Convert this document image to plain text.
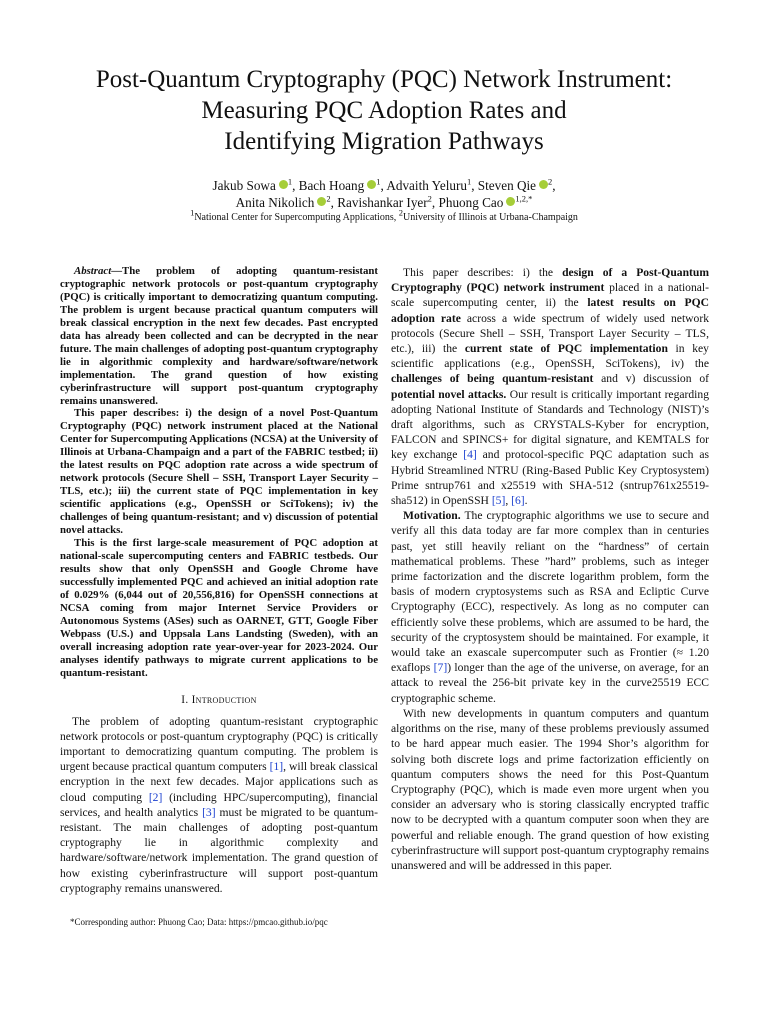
Post-Quantum Cryptography (PQC) Network Instrument:
Measuring PQC Adoption Rates and
Identifying Migration Pathways
Jakub Sowa $^1$, Bach Hoang $^1$, Advaith Yeluru$^1$, Steven Qie $^2$,
Anita Nikolich $^2$, Ravishankar Iyer$^2$, Phuong Cao $^{1,2,*}$
$^1$National Center for Supercomputing Applications, $^2$University of Illinois at Urbana-Champaign

Abstract—The problem of adopting quantum-resistant cryptographic network protocols or post-quantum cryptography (PQC) is critically important to democratizing quantum computing. The problem is urgent because practical quantum computers will break classical encryption in the next few decades. Past encrypted data has already been collected and can be decrypted in the near future. The main challenges of adopting post-quantum cryptography lie in algorithmic complexity and hardware/software/network implementation. The grand question of how existing cyberinfrastructure will support post-quantum cryptography remains unanswered.

This paper describes: i) the design of a novel Post-Quantum Cryptography (PQC) network instrument placed at the National Center for Supercomputing Applications (NCSA) at the University of Illinois at Urbana-Champaign and a part of the FABRIC testbed; ii) the latest results on PQC adoption rate across a wide spectrum of network protocols (Secure Shell – SSH, Transport Layer Security – TLS, etc.); iii) the current state of PQC implementation in key scientific applications (e.g., OpenSSH or SciTokens); iv) the challenges of being quantum-resistant; and v) discussion of potential novel attacks.

This is the first large-scale measurement of PQC adoption at national-scale supercomputing centers and FABRIC testbeds. Our results show that only OpenSSH and Google Chrome have successfully implemented PQC and achieved an initial adoption rate of 0.029% (6,044 out of 20,556,816) for OpenSSH connections at NCSA coming from major Internet Service Providers or Autonomous Systems (ASes) such as OARNET, GTT, Google Fiber Webpass (U.S.) and Uppsala Lans Landsting (Sweden), with an overall increasing adoption rate year-over-year for 2023-2024. Our analyses identify pathways to migrate current applications to be quantum-resistant.

I. Introduction

The problem of adopting quantum-resistant cryptographic network protocols or post-quantum cryptography (PQC) is critically important to democratizing quantum computing. The problem is urgent because practical quantum computers [1], will break classical encryption in the next few decades. Major applications such as cloud computing [2] (including HPC/supercomputing), financial services, and health analytics [3] must be migrated to be quantum-resistant. The main challenges of adopting post-quantum cryptography lie in algorithmic complexity and hardware/software/network implementation. The grand question of how existing cyberinfrastructure will support post-quantum cryptography remains unanswered.

*Corresponding author: Phuong Cao; Data: https://pmcao.github.io/pqc

This paper describes: i) the design of a Post-Quantum Cryptography (PQC) network instrument placed in a national-scale supercomputing center, ii) the latest results on PQC adoption rate across a wide spectrum of widely used network protocols (Secure Shell – SSH, Transport Layer Security – TLS, etc.), iii) the current state of PQC implementation in key scientific applications (e.g., OpenSSH, SciTokens), iv) the challenges of being quantum-resistant and v) discussion of potential novel attacks. Our result is critically important regarding adopting National Institute of Standards and Technology (NIST)’s draft algorithms, such as CRYSTALS-Kyber for encryption, FALCON and SPINCS+ for digital signature, and KEMTALS for key exchange [4] and protocol-specific PQC adaptation such as Hybrid Streamlined NTRU (Ring-Based Public Key Cryptosystem) Prime sntrup761 and x25519 with SHA-512 (sntrup761x25519-sha512) in OpenSSH [5], [6].

Motivation. The cryptographic algorithms we use to secure and verify all this data today are far more complex than in centuries past, yet still heavily reliant on the “hardness” of certain mathematical problems. These ”hard” problems, such as integer prime factorization and the discrete logarithm problem, form the basis of modern cryptosystems such as RSA and Ecliptic Curve Cryptography (ECC), respectively. As long as no computer can efficiently solve these problems, which are assumed to be hard, the security of the cryptosystem should be maintained. For example, it would take an exascale supercomputer such as Frontier (≈ 1.20 exaflops [7]) longer than the age of the universe, on average, for an attack to reveal the 256-bit private key in the curve25519 ECC cryptographic scheme.

With new developments in quantum computers and quantum algorithms on the rise, many of these problems previously assumed to be hard appear much easier. The 1994 Shor’s algorithm for solving both discrete logs and prime factorization efficiently on quantum computers shows the need for this Post-Quantum Cryptography (PQC), which is made even more urgent when you consider an adversary who is storing classically encrypted traffic now to be decrypted with a quantum computer soon when they are powerful and reliable enough. The grand question of how existing cyberinfrastructure will support post-quantum cryptography remains unanswered and will be addressed in this paper.
